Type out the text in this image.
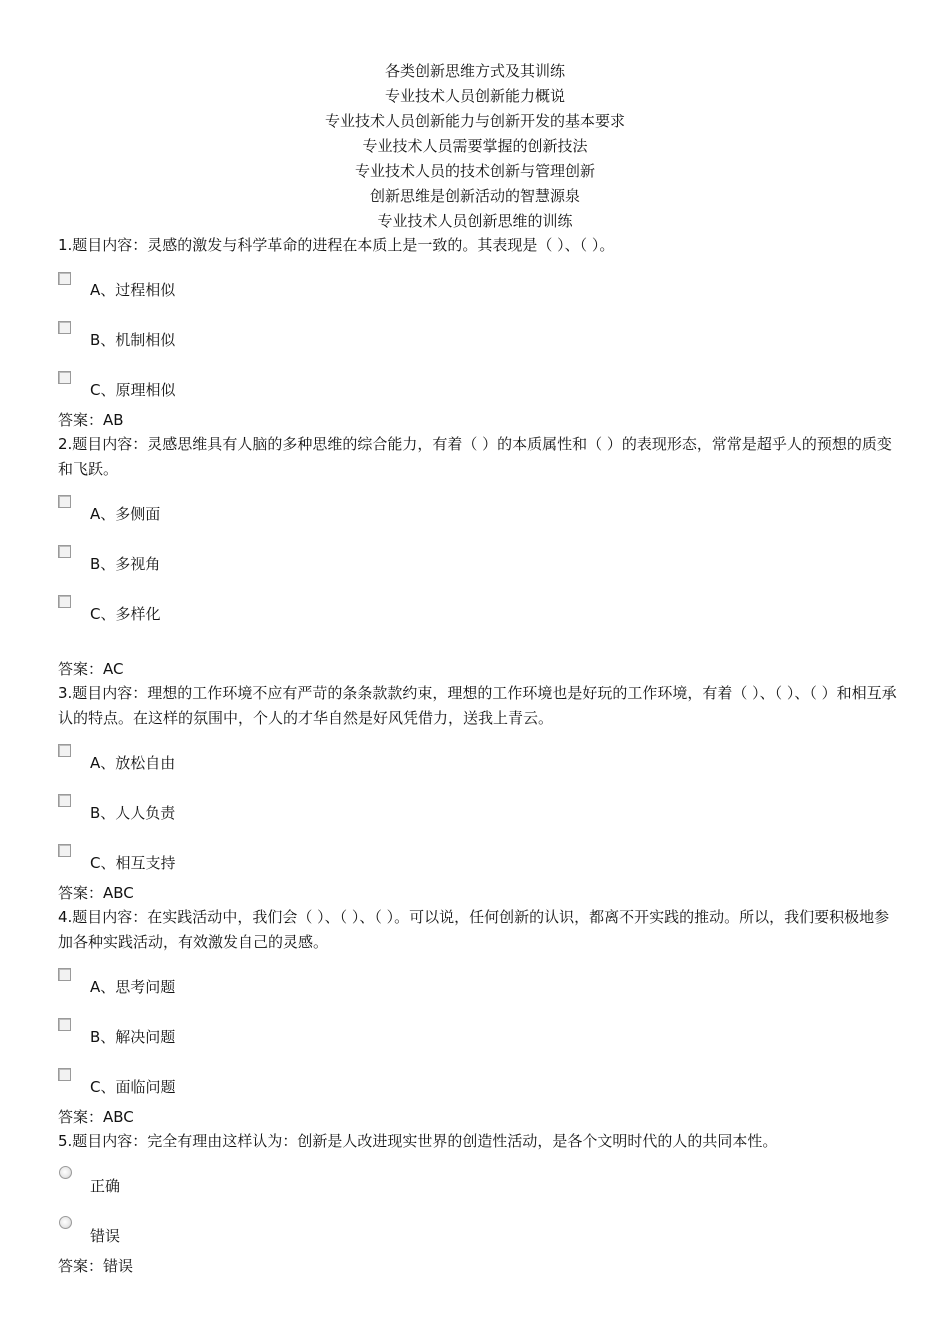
各类创新思维方式及其训练
专业技术人员创新能力概说
专业技术人员创新能力与创新开发的基本要求
专业技术人员需要掌握的创新技法
专业技术人员的技术创新与管理创新
创新思维是创新活动的智慧源泉
专业技术人员创新思维的训练
1.题目内容：灵感的激发与科学革命的进程在本质上是一致的。其表现是（ ）、（ ）。
A、过程相似
B、机制相似
C、原理相似
答案：AB
2.题目内容：灵感思维具有人脑的多种思维的综合能力，有着（ ）的本质属性和（ ）的表现形态，常常是超乎人的预想的质变和飞跃。
A、多侧面
B、多视角
C、多样化
答案：AC
3.题目内容：理想的工作环境不应有严苛的条条款款约束，理想的工作环境也是好玩的工作环境，有着（ ）、（ ）、（ ）和相互承认的特点。在这样的氛围中，个人的才华自然是好风凭借力，送我上青云。
A、放松自由
B、人人负责
C、相互支持
答案：ABC
4.题目内容：在实践活动中，我们会（ ）、（ ）、（ ）。可以说，任何创新的认识，都离不开实践的推动。所以，我们要积极地参加各种实践活动，有效激发自己的灵感。
A、思考问题
B、解决问题
C、面临问题
答案：ABC
5.题目内容：完全有理由这样认为：创新是人改进现实世界的创造性活动，是各个文明时代的人的共同本性。
正确
错误
答案：错误
